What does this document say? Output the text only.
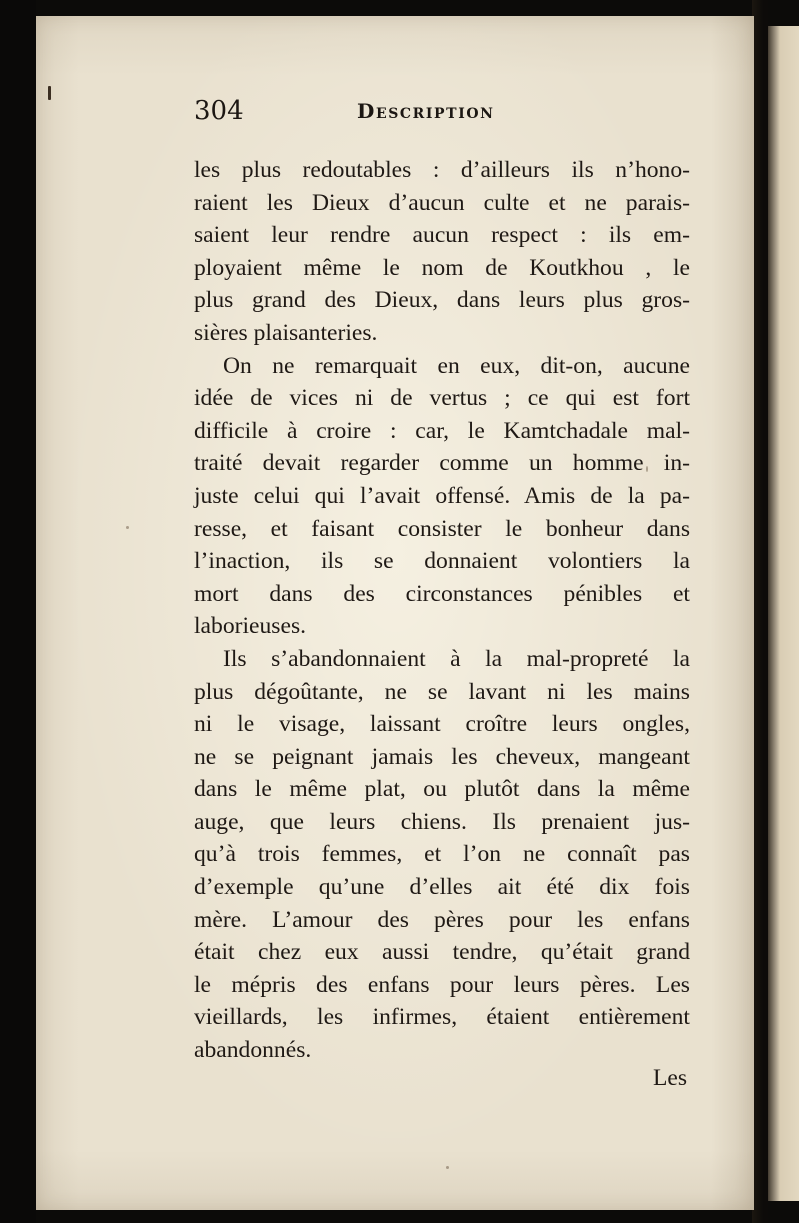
304	Description
les plus redoutables : d’ailleurs ils n’hono-
raient les Dieux d’aucun culte et ne parais-
saient leur rendre aucun respect : ils em-
ployaient même le nom de Koutkhou , le
plus grand des Dieux, dans leurs plus gros-
sières plaisanteries.
On ne remarquait en eux, dit-on, aucune
idée de vices ni de vertus ; ce qui est fort
difficile à croire : car, le Kamtchadale mal-
traité devait regarder comme un homme in-
juste celui qui l’avait offensé. Amis de la pa-
resse, et faisant consister le bonheur dans
l’inaction, ils se donnaient volontiers la
mort dans des circonstances pénibles et
laborieuses.
Ils s’abandonnaient à la mal-propreté la
plus dégoûtante, ne se lavant ni les mains
ni le visage, laissant croître leurs ongles,
ne se peignant jamais les cheveux, mangeant
dans le même plat, ou plutôt dans la même
auge, que leurs chiens. Ils prenaient jus-
qu’à trois femmes, et l’on ne connaît pas
d’exemple qu’une d’elles ait été dix fois
mère. L’amour des pères pour les enfans
était chez eux aussi tendre, qu’était grand
le mépris des enfans pour leurs pères. Les
vieillards, les infirmes, étaient entièrement
abandonnés.
Les
